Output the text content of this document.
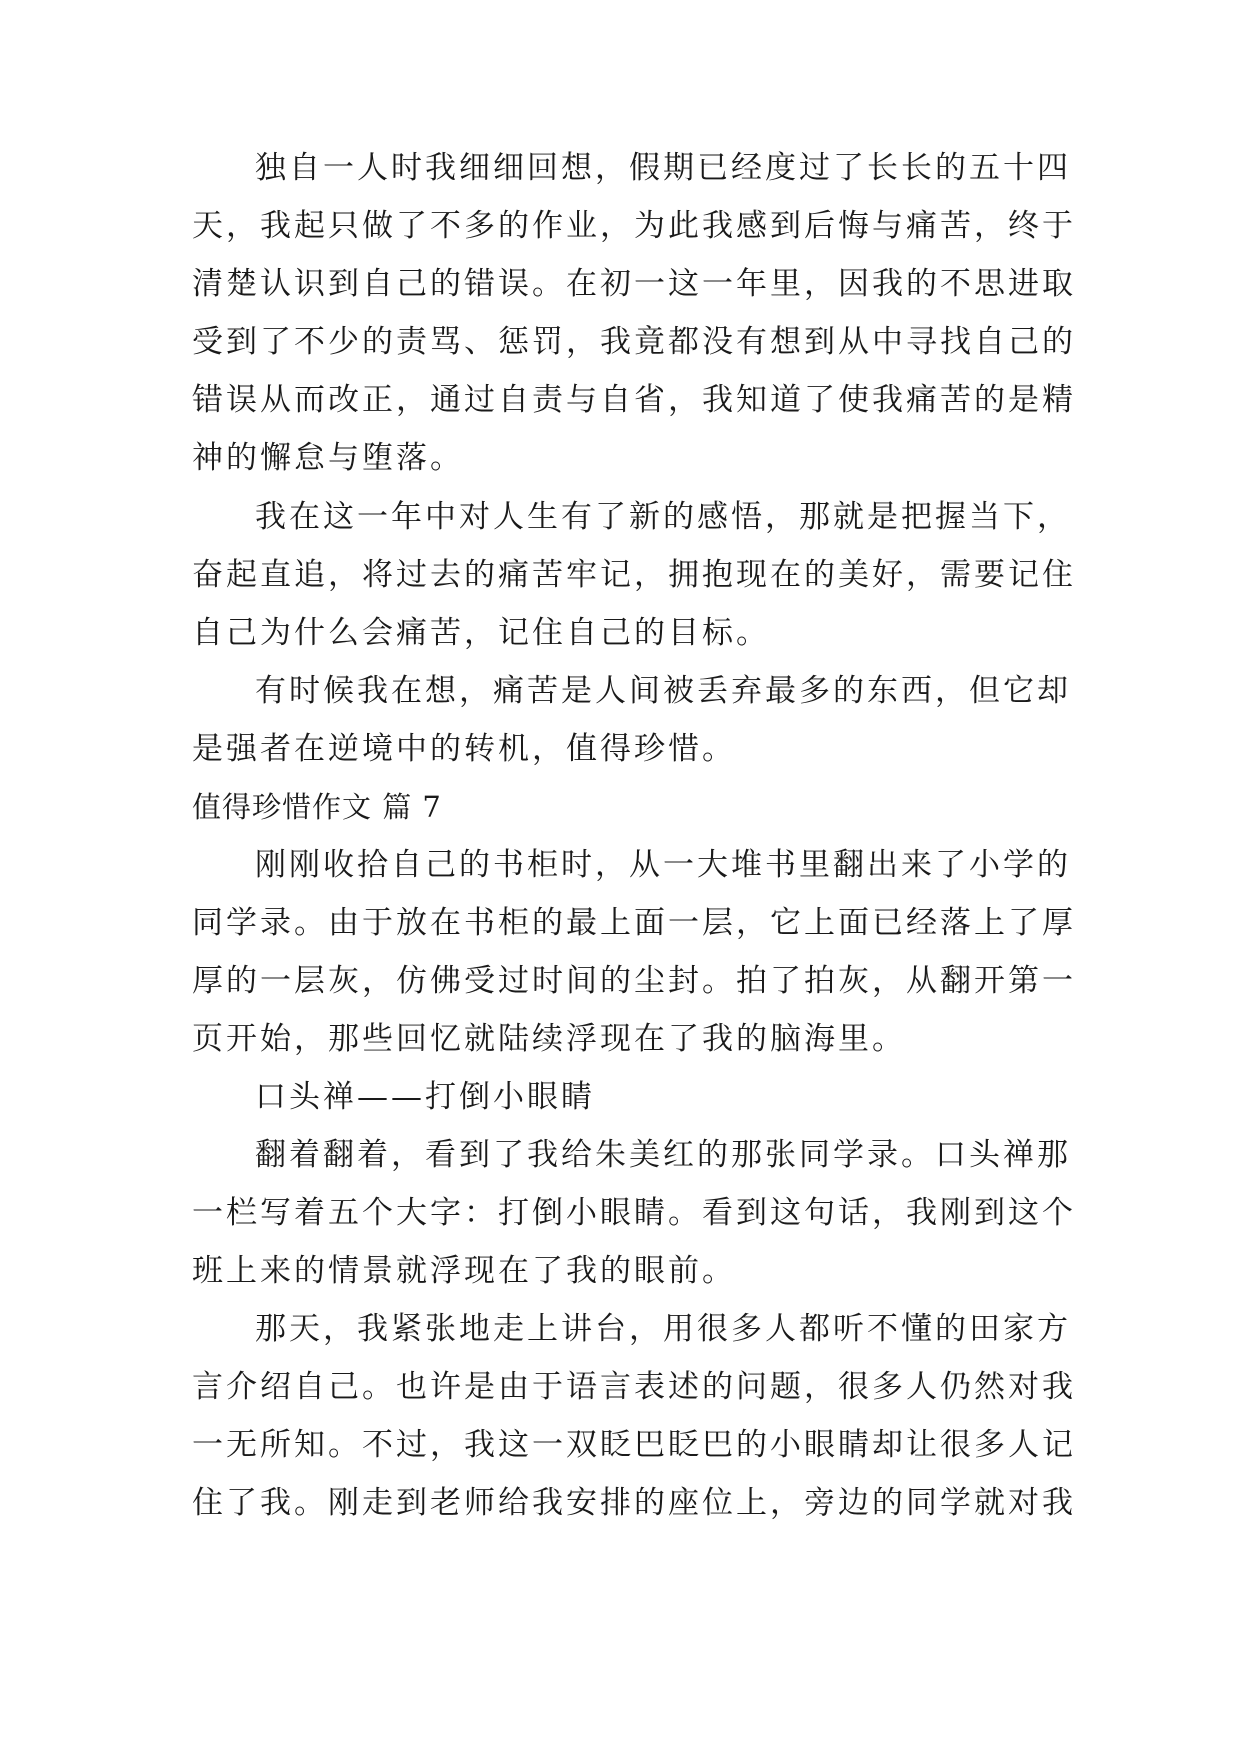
独自一人时我细细回想，假期已经度过了长长的五十四
天，我起只做了不多的作业，为此我感到后悔与痛苦，终于
清楚认识到自己的错误。在初一这一年里，因我的不思进取
受到了不少的责骂、惩罚，我竟都没有想到从中寻找自己的
错误从而改正，通过自责与自省，我知道了使我痛苦的是精
神的懈怠与堕落。
我在这一年中对人生有了新的感悟，那就是把握当下，
奋起直追，将过去的痛苦牢记，拥抱现在的美好，需要记住
自己为什么会痛苦，记住自己的目标。
有时候我在想，痛苦是人间被丢弃最多的东西，但它却
是强者在逆境中的转机，值得珍惜。
值得珍惜作文 篇 7
刚刚收拾自己的书柜时，从一大堆书里翻出来了小学的
同学录。由于放在书柜的最上面一层，它上面已经落上了厚
厚的一层灰，仿佛受过时间的尘封。拍了拍灰，从翻开第一
页开始，那些回忆就陆续浮现在了我的脑海里。
口头禅——打倒小眼睛
翻着翻着，看到了我给朱美红的那张同学录。口头禅那
一栏写着五个大字：打倒小眼睛。看到这句话，我刚到这个
班上来的情景就浮现在了我的眼前。
那天，我紧张地走上讲台，用很多人都听不懂的田家方
言介绍自己。也许是由于语言表述的问题，很多人仍然对我
一无所知。不过，我这一双眨巴眨巴的小眼睛却让很多人记
住了我。刚走到老师给我安排的座位上，旁边的同学就对我
